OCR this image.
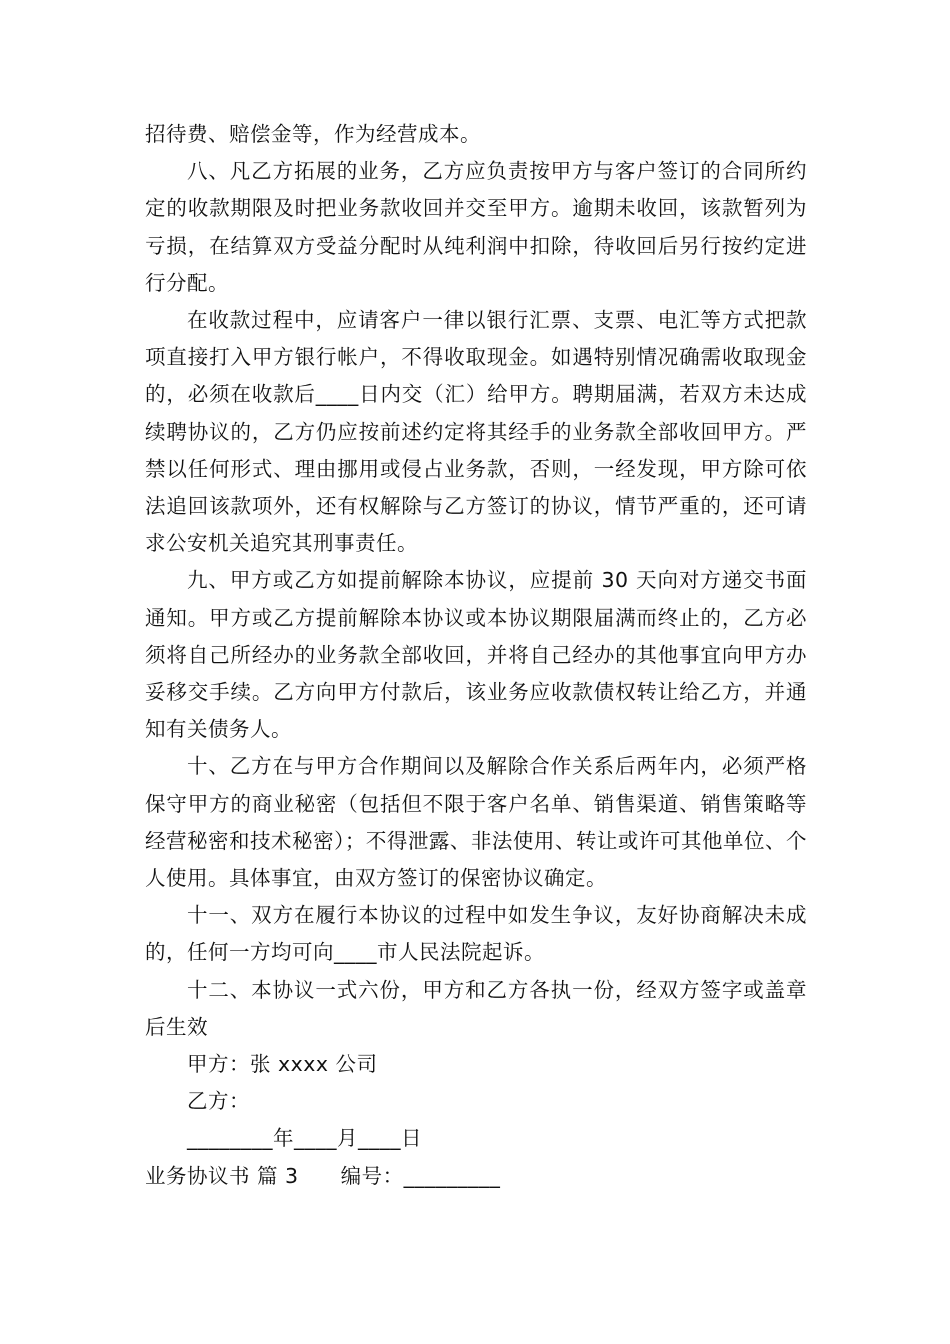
招待费、赔偿金等，作为经营成本。

八、凡乙方拓展的业务，乙方应负责按甲方与客户签订的合同所约定的收款期限及时把业务款收回并交至甲方。逾期未收回，该款暂列为亏损，在结算双方受益分配时从纯利润中扣除，待收回后另行按约定进行分配。

在收款过程中，应请客户一律以银行汇票、支票、电汇等方式把款项直接打入甲方银行帐户，不得收取现金。如遇特别情况确需收取现金的，必须在收款后____日内交（汇）给甲方。聘期届满，若双方未达成续聘协议的，乙方仍应按前述约定将其经手的业务款全部收回甲方。严禁以任何形式、理由挪用或侵占业务款，否则，一经发现，甲方除可依法追回该款项外，还有权解除与乙方签订的协议，情节严重的，还可请求公安机关追究其刑事责任。

九、甲方或乙方如提前解除本协议，应提前 30 天向对方递交书面通知。甲方或乙方提前解除本协议或本协议期限届满而终止的，乙方必须将自己所经办的业务款全部收回，并将自己经办的其他事宜向甲方办妥移交手续。乙方向甲方付款后，该业务应收款债权转让给乙方，并通知有关债务人。

十、乙方在与甲方合作期间以及解除合作关系后两年内，必须严格保守甲方的商业秘密（包括但不限于客户名单、销售渠道、销售策略等经营秘密和技术秘密）；不得泄露、非法使用、转让或许可其他单位、个人使用。具体事宜，由双方签订的保密协议确定。

十一、双方在履行本协议的过程中如发生争议，友好协商解决未成的，任何一方均可向____市人民法院起诉。

十二、本协议一式六份，甲方和乙方各执一份，经双方签字或盖章后生效

甲方：张 xxxx 公司

乙方：

________年____月____日

业务协议书 篇 3　　编号：_________
